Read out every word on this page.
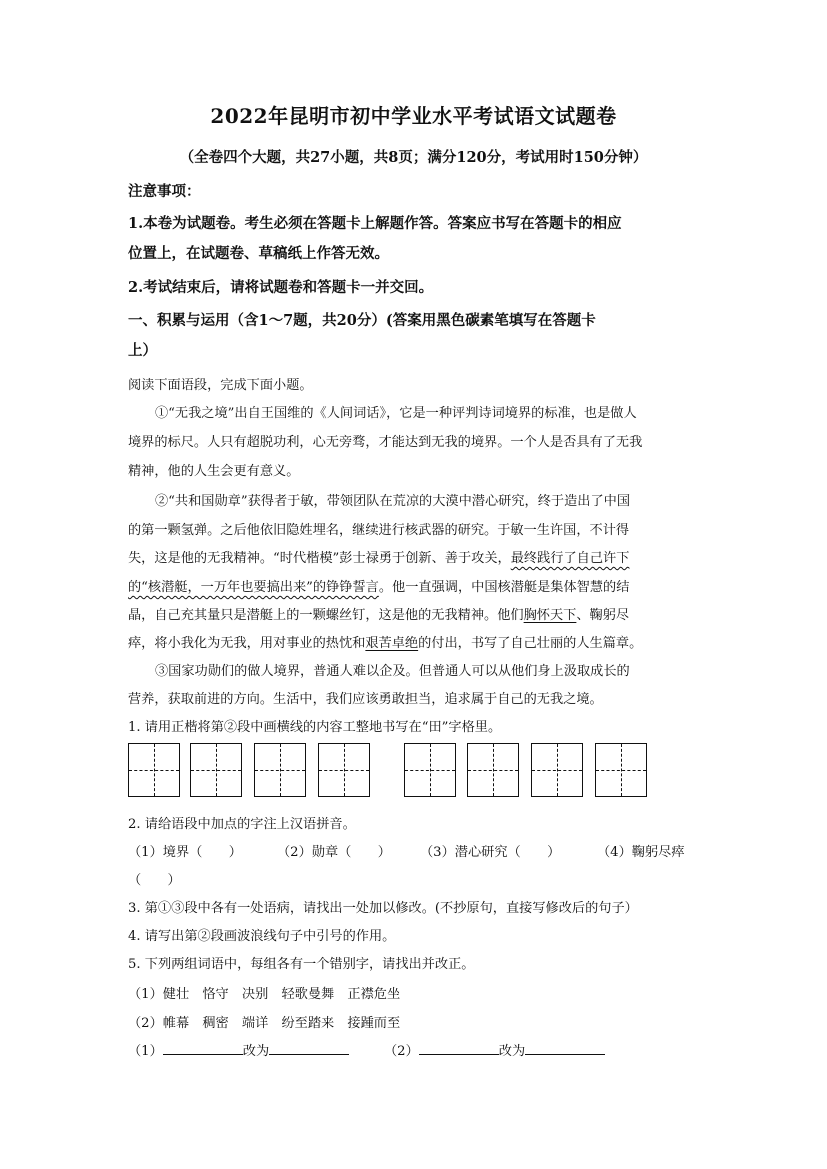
2022年昆明市初中学业水平考试语文试题卷
（全卷四个大题，共27小题，共8页；满分120分，考试用时150分钟）
注意事项：
1.本卷为试题卷。考生必须在答题卡上解题作答。答案应书写在答题卡的相应
位置上，在试题卷、草稿纸上作答无效。
2.考试结束后，请将试题卷和答题卡一并交回。
一、积累与运用（含1～7题，共20分）(答案用黑色碳素笔填写在答题卡
上）
阅读下面语段，完成下面小题。
①“无我之境”出自王国维的《人间词话》，它是一种评判诗词境界的标准，也是做人
境界的标尺。人只有超脱功利，心无旁骛，才能达到无我的境界。一个人是否具有了无我
精神，他的人生会更有意义。
②“共和国勋章”获得者于敏，带领团队在荒凉的大漠中潜心研究，终于造出了中国
的第一颗氢弹。之后他依旧隐姓埋名，继续进行核武器的研究。于敏一生许国，不计得
失，这是他的无我精神。“时代楷模”彭士禄勇于创新、善于攻关，最终践行了自己许下
的“核潜艇，一万年也要搞出来”的铮铮誓言。他一直强调，中国核潜艇是集体智慧的结
晶，自己充其量只是潜艇上的一颗螺丝钉，这是他的无我精神。他们胸怀天下、鞠躬尽
瘁，将小我化为无我，用对事业的热忱和艰苦卓绝的付出，书写了自己壮丽的人生篇章。
③国家功勋们的做人境界，普通人难以企及。但普通人可以从他们身上汲取成长的
营养，获取前进的方向。生活中，我们应该勇敢担当，追求属于自己的无我之境。
1. 请用正楷将第②段中画横线的内容工整地书写在“田”字格里。
2. 请给语段中加点的字注上汉语拼音。
（1）境界（　　）	（2）勋章（　　） （3）潜心研究（　　）	（4）鞠躬尽瘁
（　　）
3. 第①③段中各有一处语病，请找出一处加以修改。(不抄原句，直接写修改后的句子）
4. 请写出第②段画波浪线句子中引号的作用。
5. 下列两组词语中，每组各有一个错别字，请找出并改正。
（1）健壮　恪守　决别　轻歌曼舞　正襟危坐
（2）帷幕　稠密　端详　纷至踏来　接踵而至
（1）	改为	（2）	改为
